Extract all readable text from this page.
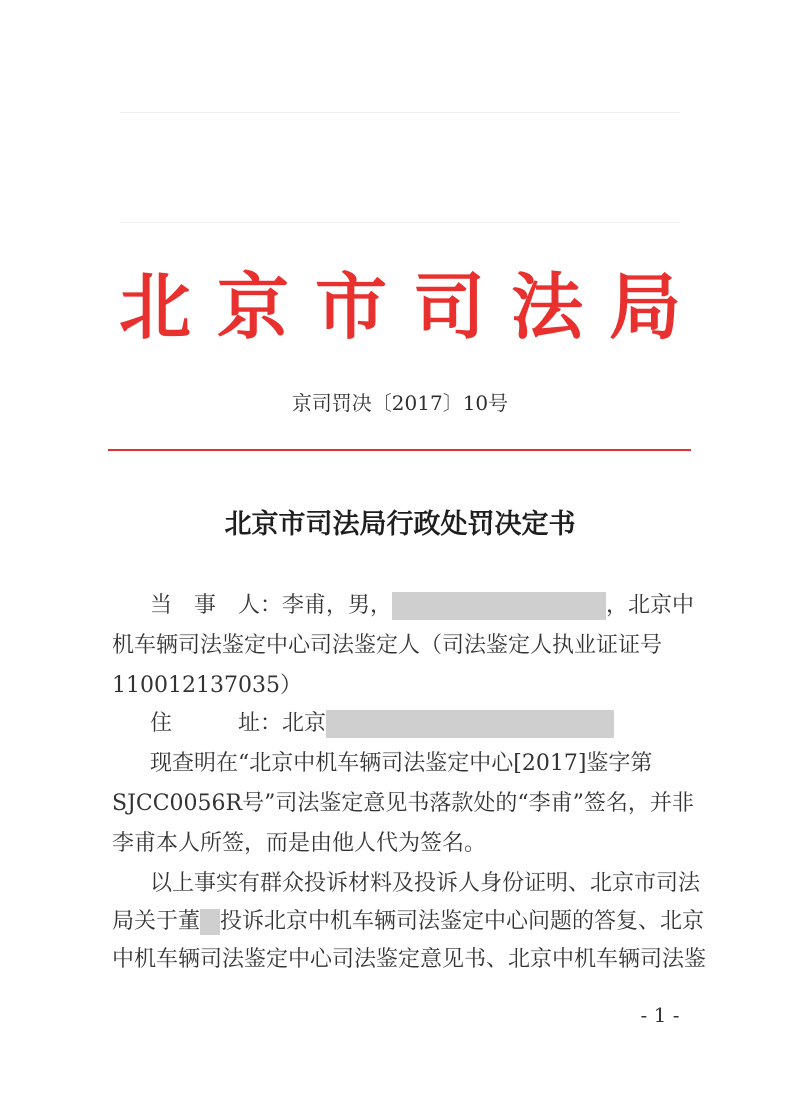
北京市司法局
京司罚决〔2017〕10号
北京市司法局行政处罚决定书
当　事　人：李甫，男，	，北京中
机车辆司法鉴定中心司法鉴定人（司法鉴定人执业证证号
110012137035）
住　　　址：北京
现查明在“北京中机车辆司法鉴定中心[2017]鉴字第
SJCC0056R号”司法鉴定意见书落款处的“李甫”签名，并非
李甫本人所签，而是由他人代为签名。
以上事实有群众投诉材料及投诉人身份证明、北京市司法
局关于董 投诉北京中机车辆司法鉴定中心问题的答复、北京
中机车辆司法鉴定中心司法鉴定意见书、北京中机车辆司法鉴
- 1 -
